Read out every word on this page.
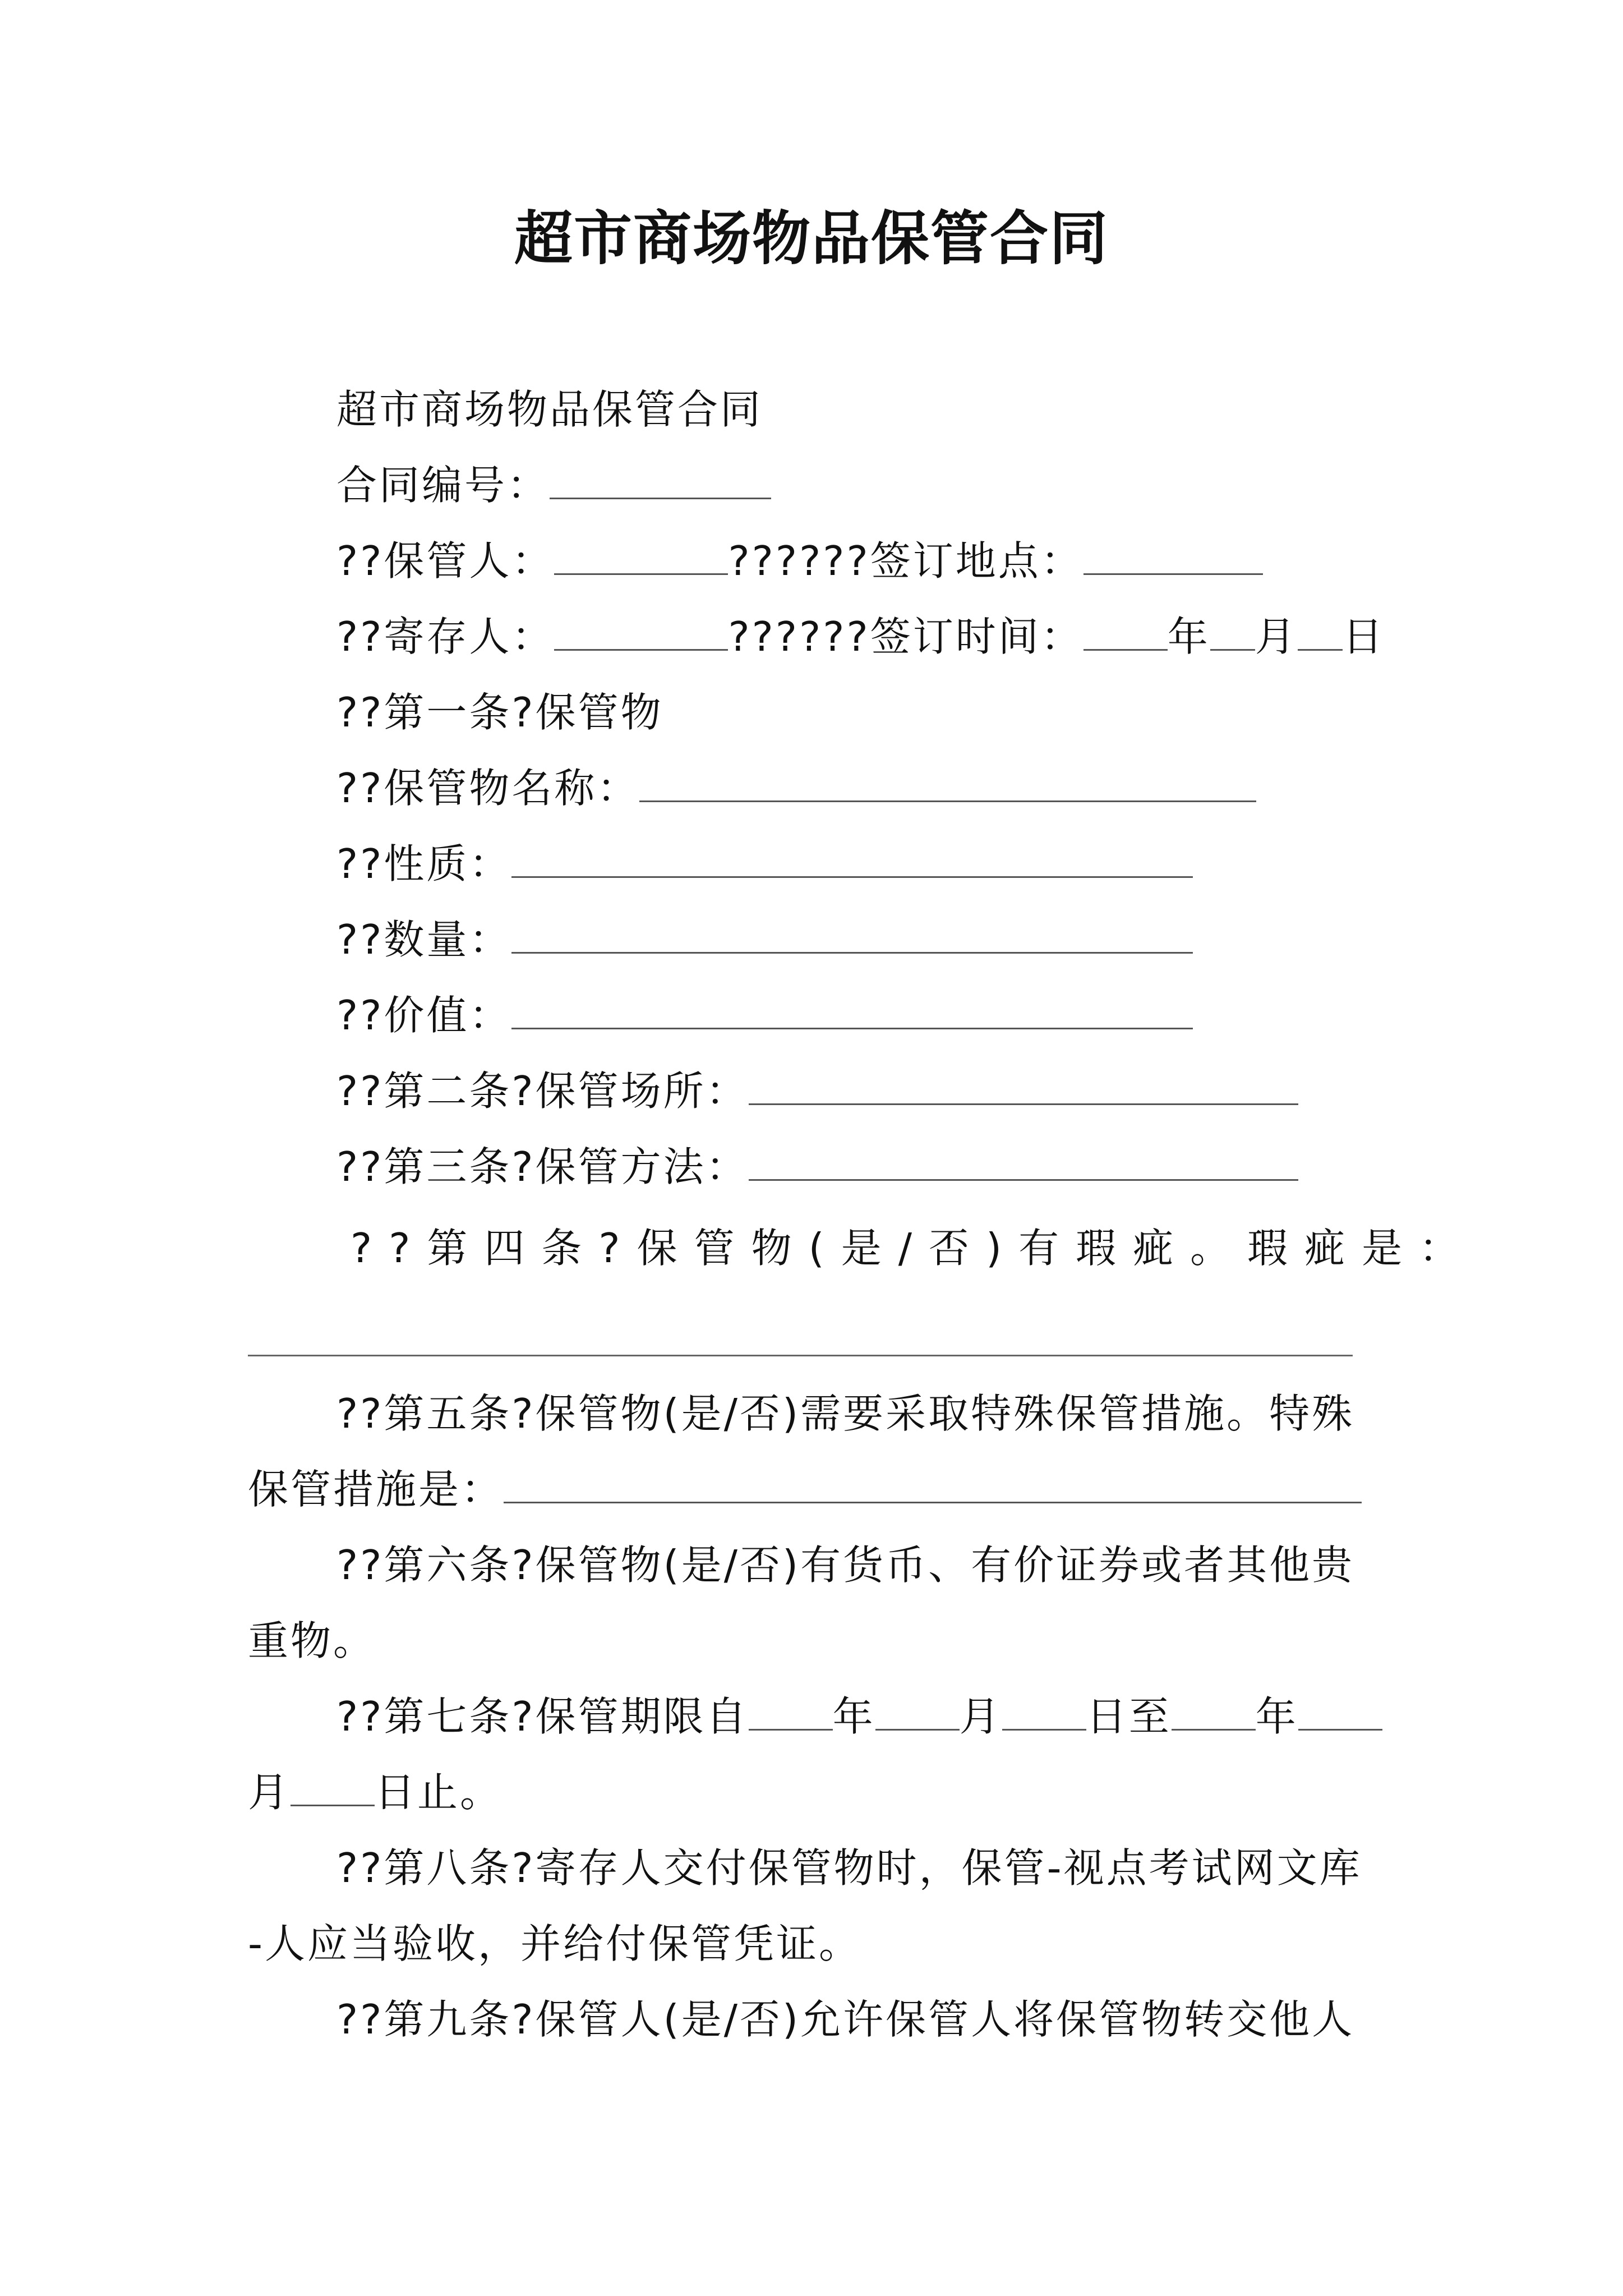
超市商场物品保管合同
超市商场物品保管合同
合同编号：
??保管人：	??????签订地点：
??寄存人：	??????签订时间： 年 月 日
??第一条?保管物
??保管物名称：
??性质：
??数量：
??价值：
??第二条?保管场所：
??第三条?保管方法：
??第四条?保管物(是/否)有瑕疵。瑕疵是：
??第五条?保管物(是/否)需要采取特殊保管措施。特殊
保管措施是：
??第六条?保管物(是/否)有货币、有价证券或者其他贵
重物。
??第七条?保管期限自 年 月 日至 年
月 日止。
??第八条?寄存人交付保管物时，保管-视点考试网文库
-人应当验收，并给付保管凭证。
??第九条?保管人(是/否)允许保管人将保管物转交他人
